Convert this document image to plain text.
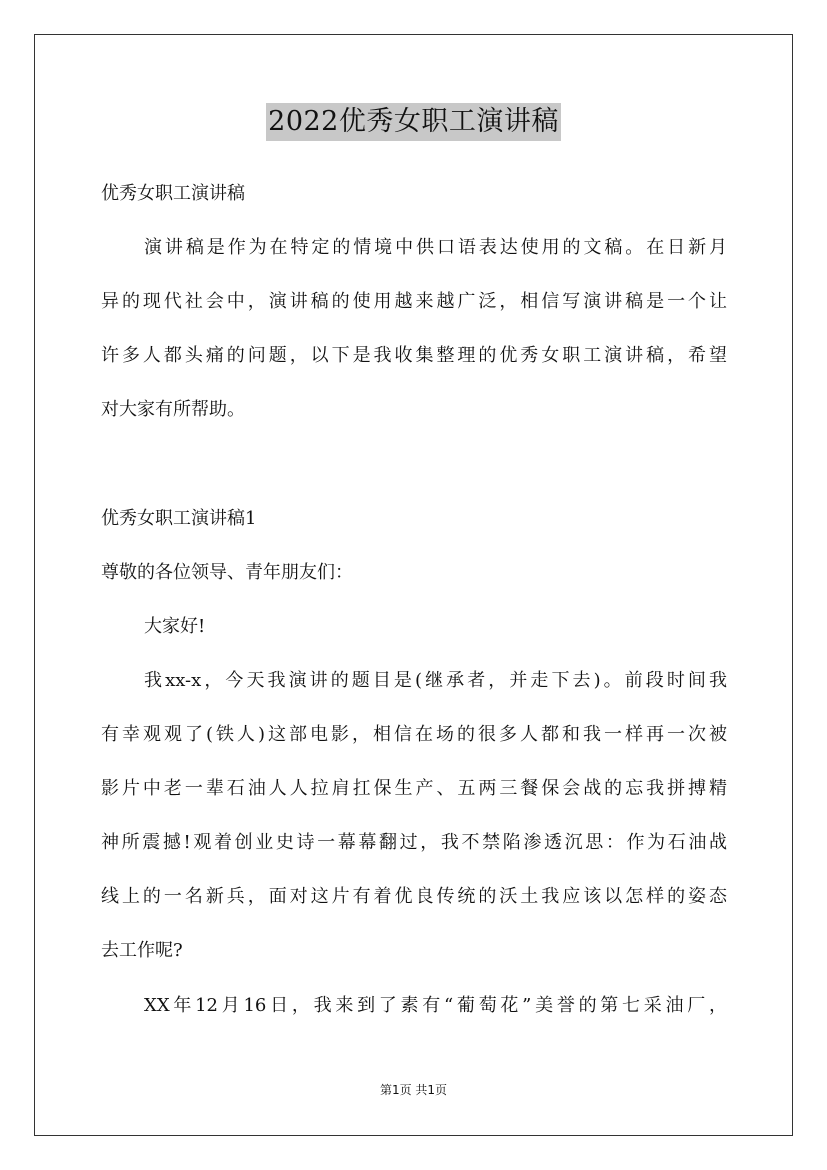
2022优秀女职工演讲稿
优秀女职工演讲稿
演讲稿是作为在特定的情境中供口语表达使用的文稿。在日新月
异的现代社会中，演讲稿的使用越来越广泛，相信写演讲稿是一个让
许多人都头痛的问题，以下是我收集整理的优秀女职工演讲稿，希望
对大家有所帮助。
优秀女职工演讲稿1
尊敬的各位领导、青年朋友们：
大家好!
我xx-x，今天我演讲的题目是(继承者，并走下去)。前段时间我
有幸观观了(铁人)这部电影，相信在场的很多人都和我一样再一次被
影片中老一辈石油人人拉肩扛保生产、五两三餐保会战的忘我拼搏精
神所震撼!观着创业史诗一幕幕翻过，我不禁陷渗透沉思：作为石油战
线上的一名新兵，面对这片有着优良传统的沃土我应该以怎样的姿态
去工作呢?
XX年12月16日，我来到了素有“葡萄花”美誉的第七采油厂，
第1页 共1页
